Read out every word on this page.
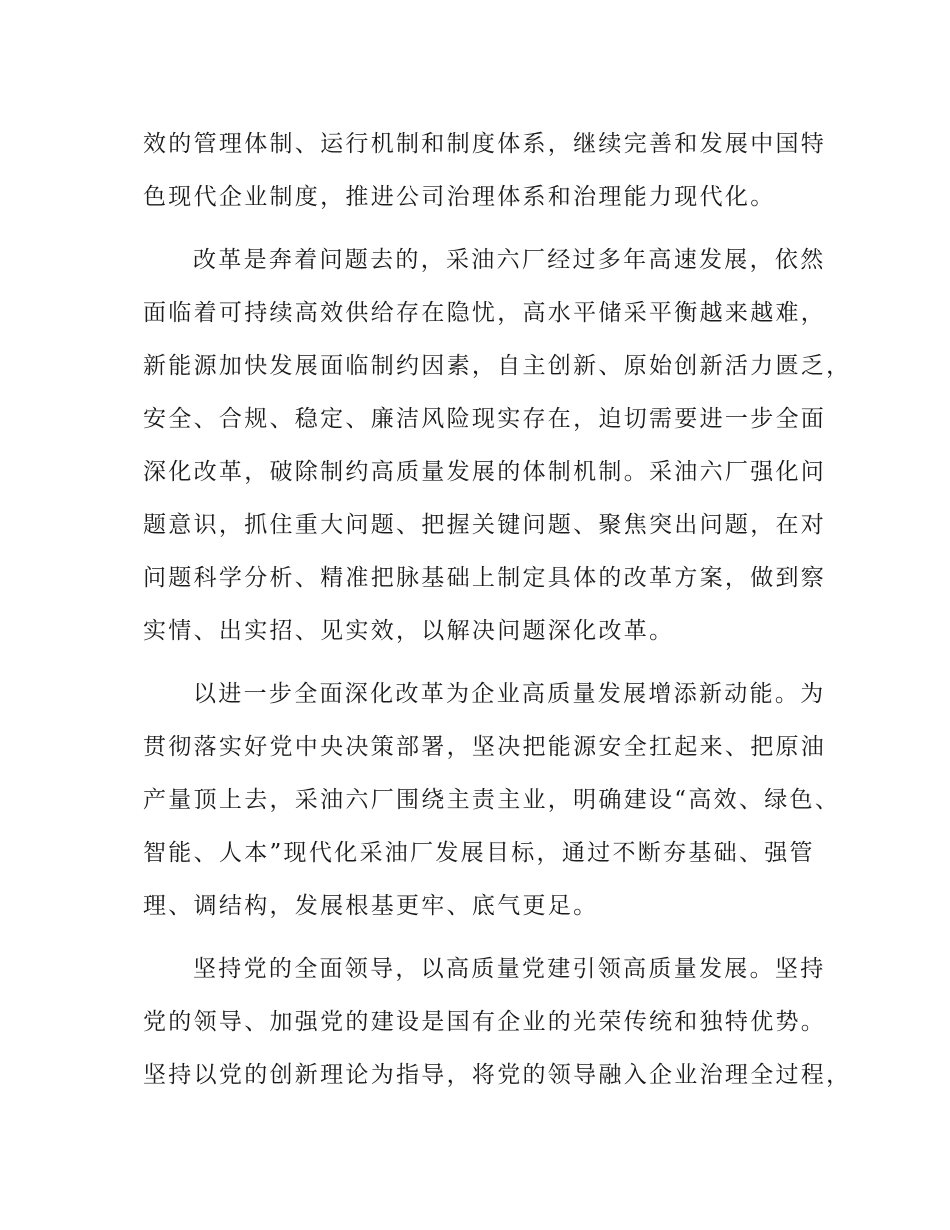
效的管理体制、运行机制和制度体系，继续完善和发展中国特
色现代企业制度，推进公司治理体系和治理能力现代化。
改革是奔着问题去的，采油六厂经过多年高速发展，依然
面临着可持续高效供给存在隐忧，高水平储采平衡越来越难，
新能源加快发展面临制约因素，自主创新、原始创新活力匮乏，
安全、合规、稳定、廉洁风险现实存在，迫切需要进一步全面
深化改革，破除制约高质量发展的体制机制。采油六厂强化问
题意识，抓住重大问题、把握关键问题、聚焦突出问题，在对
问题科学分析、精准把脉基础上制定具体的改革方案，做到察
实情、出实招、见实效，以解决问题深化改革。
以进一步全面深化改革为企业高质量发展增添新动能。为
贯彻落实好党中央决策部署，坚决把能源安全扛起来、把原油
产量顶上去，采油六厂围绕主责主业，明确建设“高效、绿色、
智能、人本”现代化采油厂发展目标，通过不断夯基础、强管
理、调结构，发展根基更牢、底气更足。
坚持党的全面领导，以高质量党建引领高质量发展。坚持
党的领导、加强党的建设是国有企业的光荣传统和独特优势。
坚持以党的创新理论为指导，将党的领导融入企业治理全过程，
